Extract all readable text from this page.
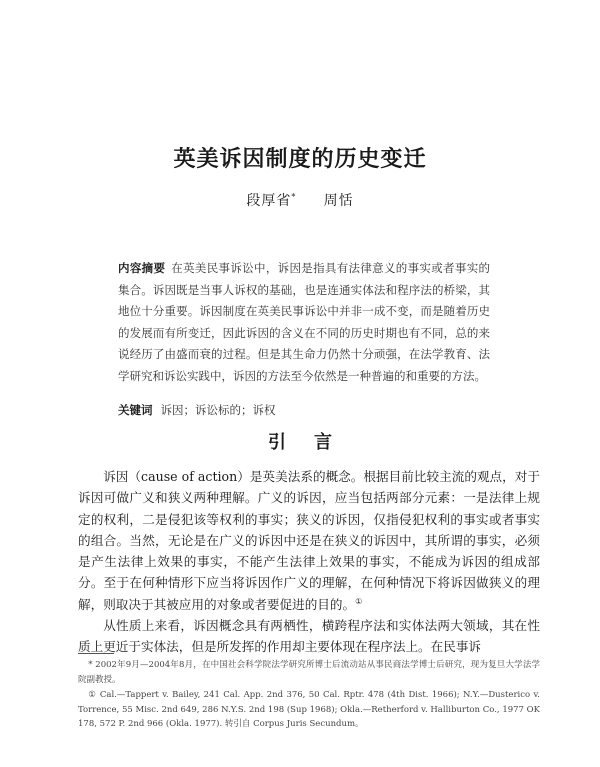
英美诉因制度的历史变迁
段厚省* 周恬
内容摘要 在英美民事诉讼中，诉因是指具有法律意义的事实或者事实的集合。诉因既是当事人诉权的基础，也是连通实体法和程序法的桥梁，其地位十分重要。诉因制度在英美民事诉讼中并非一成不变，而是随着历史的发展而有所变迁，因此诉因的含义在不同的历史时期也有不同，总的来说经历了由盛而衰的过程。但是其生命力仍然十分顽强，在法学教育、法学研究和诉讼实践中，诉因的方法至今依然是一种普遍的和重要的方法。
关键词 诉因；诉讼标的；诉权
引言

诉因（cause of action）是英美法系的概念。根据目前比较主流的观点，对于诉因可做广义和狭义两种理解。广义的诉因，应当包括两部分元素：一是法律上规定的权利，二是侵犯该等权利的事实；狭义的诉因，仅指侵犯权利的事实或者事实的组合。当然，无论是在广义的诉因中还是在狭义的诉因中，其所谓的事实，必须是产生法律上效果的事实，不能产生法律上效果的事实，不能成为诉因的组成部分。至于在何种情形下应当将诉因作广义的理解，在何种情况下将诉因做狭义的理解，则取决于其被应用的对象或者要促进的目的。①

从性质上来看，诉因概念具有两栖性，横跨程序法和实体法两大领域，其在性质上更近于实体法，但是所发挥的作用却主要体现在程序法上。在民事诉

* 2002年9月—2004年8月，在中国社会科学院法学研究所博士后流动站从事民商法学博士后研究，现为复旦大学法学院副教授。

① Cal.—Tappert v. Bailey, 241 Cal. App. 2nd 376, 50 Cal. Rptr. 478 (4th Dist. 1966); N.Y.—Dusterico v. Torrence, 55 Misc. 2nd 649, 286 N.Y.S. 2nd 198 (Sup 1968); Okla.—Retherford v. Halliburton Co., 1977 OK 178, 572 P. 2nd 966 (Okla. 1977). 转引自 Corpus Juris Secundum。
